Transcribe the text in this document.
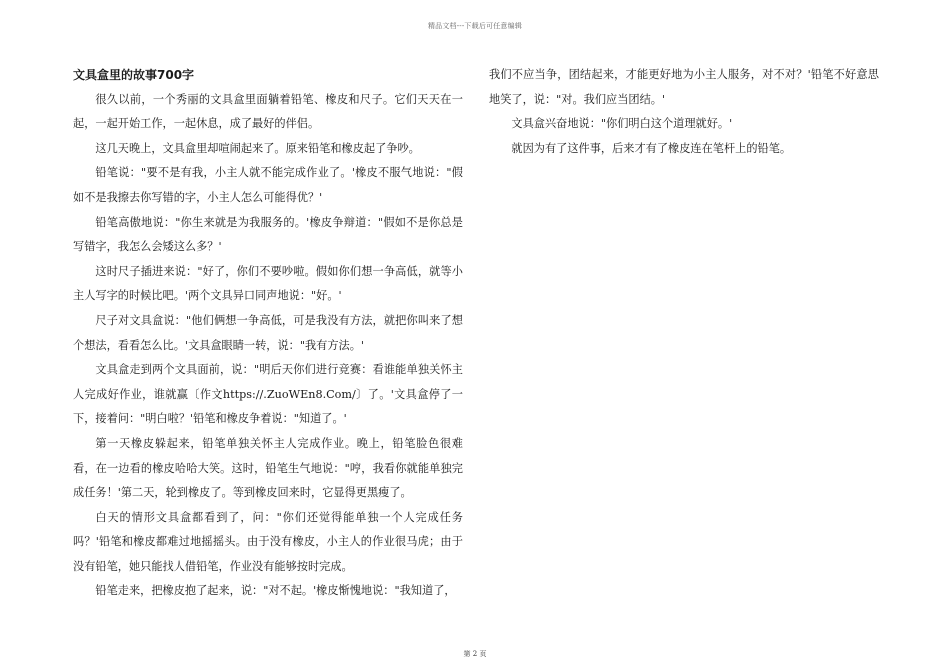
精品文档---下载后可任意编辑
文具盒里的故事700字

很久以前，一个秀丽的文具盒里面躺着铅笔、橡皮和尺子。它们天天在一起，一起开始工作，一起休息，成了最好的伴侣。

这几天晚上，文具盒里却喧闹起来了。原来铅笔和橡皮起了争吵。

铅笔说："要不是有我，小主人就不能完成作业了。'橡皮不服气地说："假如不是我擦去你写错的字，小主人怎么可能得优？'

铅笔高傲地说："你生来就是为我服务的。'橡皮争辩道："假如不是你总是写错字，我怎么会矮这么多？'

这时尺子插进来说："好了，你们不要吵啦。假如你们想一争高低，就等小主人写字的时候比吧。'两个文具异口同声地说："好。'

尺子对文具盒说："他们俩想一争高低，可是我没有方法，就把你叫来了想个想法，看看怎么比。'文具盒眼睛一转，说："我有方法。'

文具盒走到两个文具面前，说："明后天你们进行竞赛：看谁能单独关怀主人完成好作业，谁就赢〔作文https://.ZuoWEn8.Com/〕了。'文具盒停了一下，接着问："明白啦？'铅笔和橡皮争着说："知道了。'

第一天橡皮躲起来，铅笔单独关怀主人完成作业。晚上，铅笔脸色很难看，在一边看的橡皮哈哈大笑。这时，铅笔生气地说："哼，我看你就能单独完成任务！'第二天，轮到橡皮了。等到橡皮回来时，它显得更黑瘦了。

白天的情形文具盒都看到了，问："你们还觉得能单独一个人完成任务吗？'铅笔和橡皮都难过地摇摇头。由于没有橡皮，小主人的作业很马虎；由于没有铅笔，她只能找人借铅笔，作业没有能够按时完成。

铅笔走来，把橡皮抱了起来，说："对不起。'橡皮惭愧地说："我知道了，

我们不应当争，团结起来，才能更好地为小主人服务，对不对？'铅笔不好意思地笑了，说："对。我们应当团结。'

文具盒兴奋地说："你们明白这个道理就好。'

就因为有了这件事，后来才有了橡皮连在笔杆上的铅笔。

第 2 页
